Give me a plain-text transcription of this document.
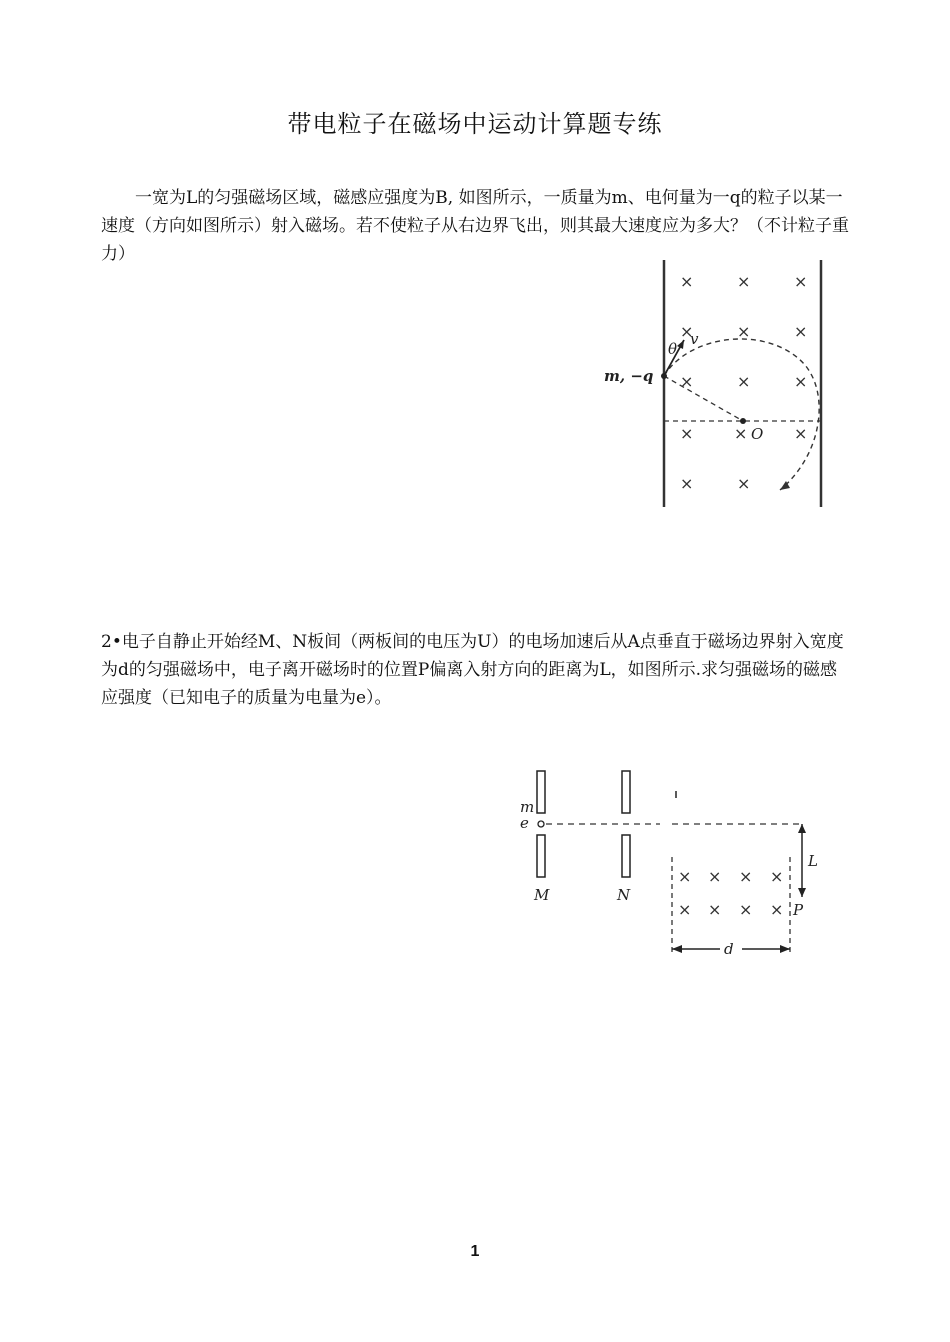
带电粒子在磁场中运动计算题专练
一宽为L的匀强磁场区域，磁感应强度为B, 如图所示，一质量为m、电何量为一q的粒子以某一速度（方向如图所示）射入磁场。若不使粒子从右边界飞出，则其最大速度应为多大？（不计粒子重力）
×	×	×
×	×	×
×	×	×
×	×	×
×	×
m, −q
v
θ
O
2•电子自静止开始经M、N板间（两板间的电压为U）的电场加速后从A点垂直于磁场边界射入宽度为d的匀强磁场中，电子离开磁场时的位置P偏离入射方向的距离为L，如图所示.求匀强磁场的磁感应强度（已知电子的质量为电量为e）。
× × × ×
× × × ×
m
e
M	N
L
P
d
1
